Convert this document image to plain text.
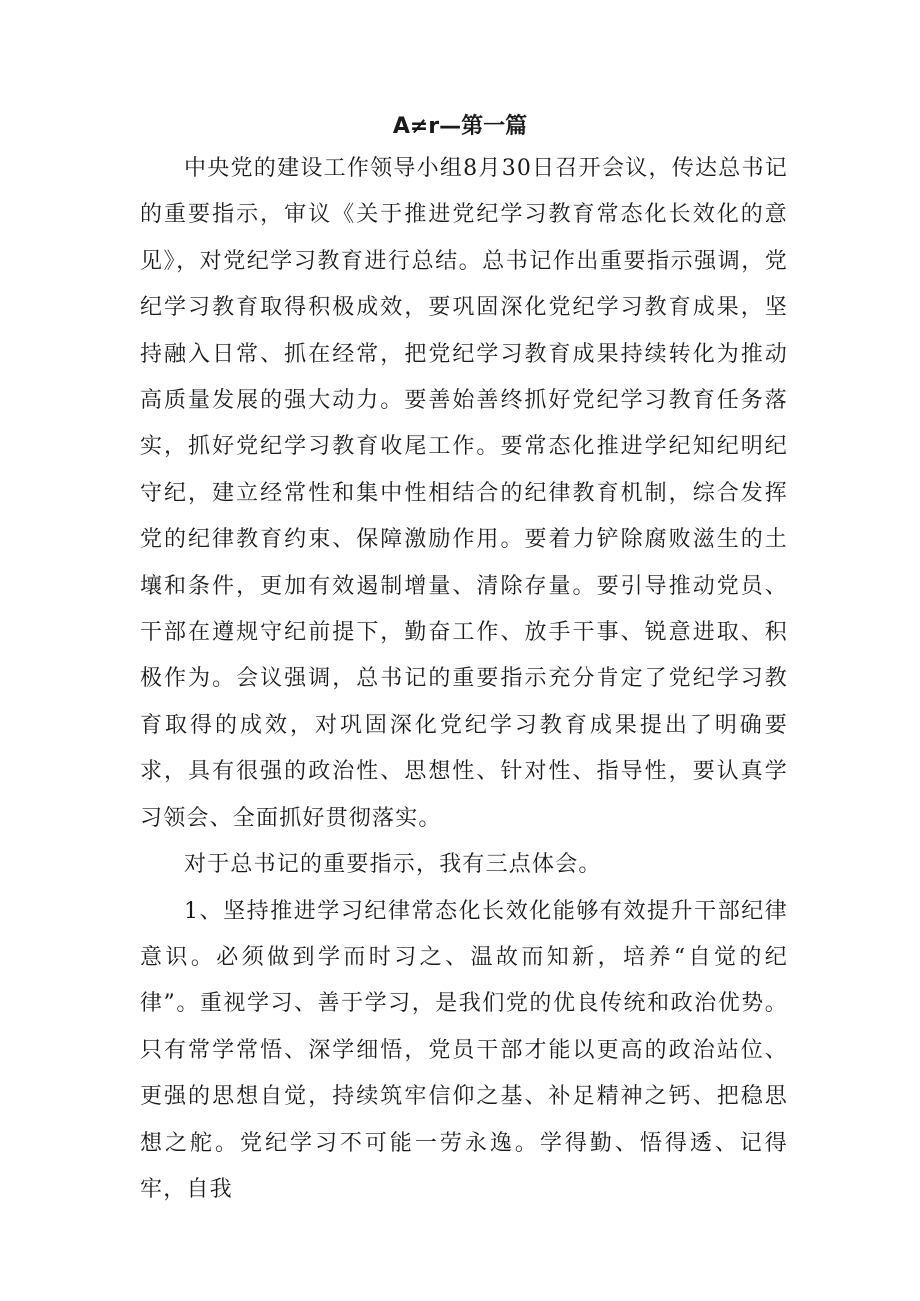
A≠r—第一篇

中央党的建设工作领导小组8月30日召开会议，传达总书记的重要指示，审议《关于推进党纪学习教育常态化长效化的意见》，对党纪学习教育进行总结。总书记作出重要指示强调，党纪学习教育取得积极成效，要巩固深化党纪学习教育成果，坚持融入日常、抓在经常，把党纪学习教育成果持续转化为推动高质量发展的强大动力。要善始善终抓好党纪学习教育任务落实，抓好党纪学习教育收尾工作。要常态化推进学纪知纪明纪守纪，建立经常性和集中性相结合的纪律教育机制，综合发挥党的纪律教育约束、保障激励作用。要着力铲除腐败滋生的土壤和条件，更加有效遏制增量、清除存量。要引导推动党员、干部在遵规守纪前提下，勤奋工作、放手干事、锐意进取、积极作为。会议强调，总书记的重要指示充分肯定了党纪学习教育取得的成效，对巩固深化党纪学习教育成果提出了明确要求，具有很强的政治性、思想性、针对性、指导性，要认真学习领会、全面抓好贯彻落实。

对于总书记的重要指示，我有三点体会。

1、坚持推进学习纪律常态化长效化能够有效提升干部纪律意识。必须做到学而时习之、温故而知新，培养“自觉的纪律”。重视学习、善于学习，是我们党的优良传统和政治优势。只有常学常悟、深学细悟，党员干部才能以更高的政治站位、更强的思想自觉，持续筑牢信仰之基、补足精神之钙、把稳思想之舵。党纪学习不可能一劳永逸。学得勤、悟得透、记得牢，自我
